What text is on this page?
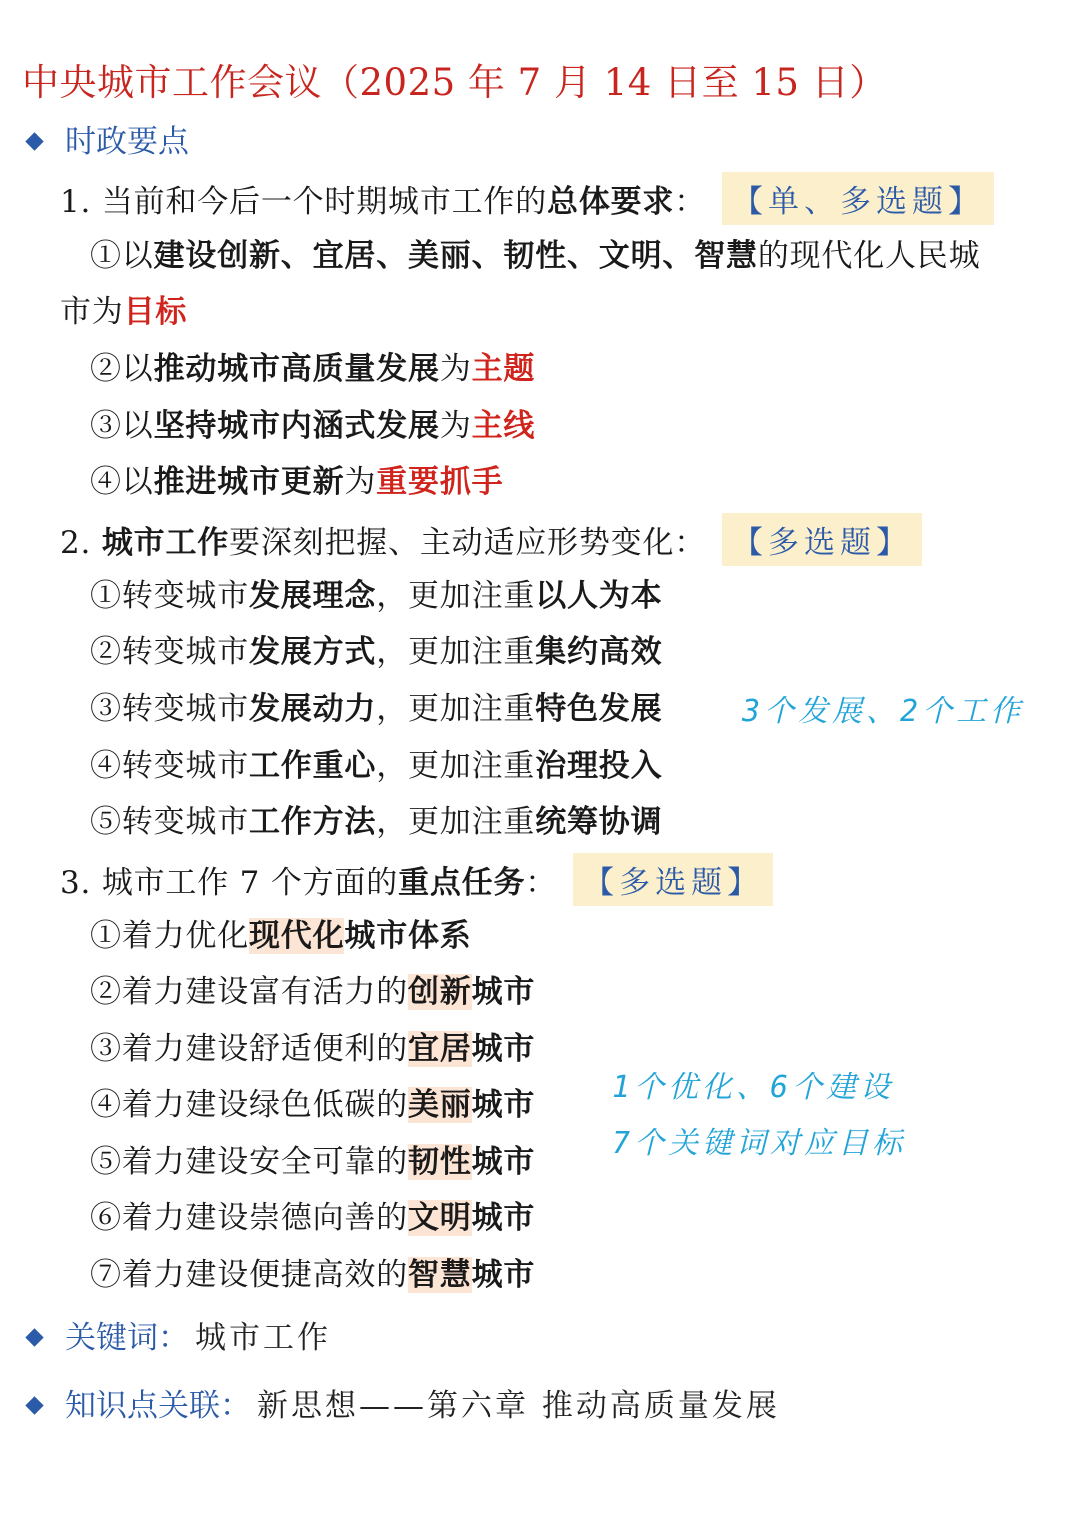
中央城市工作会议（2025 年 7 月 14 日至 15 日）
时政要点
1. 当前和今后一个时期城市工作的总体要求： 【单、多选题】
①以建设创新、宜居、美丽、韧性、文明、智慧的现代化人民城
市为目标
②以推动城市高质量发展为主题
③以坚持城市内涵式发展为主线
④以推进城市更新为重要抓手
2. 城市工作要深刻把握、主动适应形势变化： 【多选题】
①转变城市发展理念，更加注重以人为本
②转变城市发展方式，更加注重集约高效
③转变城市发展动力，更加注重特色发展
④转变城市工作重心，更加注重治理投入
⑤转变城市工作方法，更加注重统筹协调
3个发展、2个工作
3. 城市工作 7 个方面的重点任务： 【多选题】
①着力优化现代化城市体系
②着力建设富有活力的创新城市
③着力建设舒适便利的宜居城市
④着力建设绿色低碳的美丽城市
⑤着力建设安全可靠的韧性城市
⑥着力建设崇德向善的文明城市
⑦着力建设便捷高效的智慧城市
1个优化、6个建设
7个关键词对应目标
关键词： 城市工作
知识点关联： 新思想——第六章 推动高质量发展
